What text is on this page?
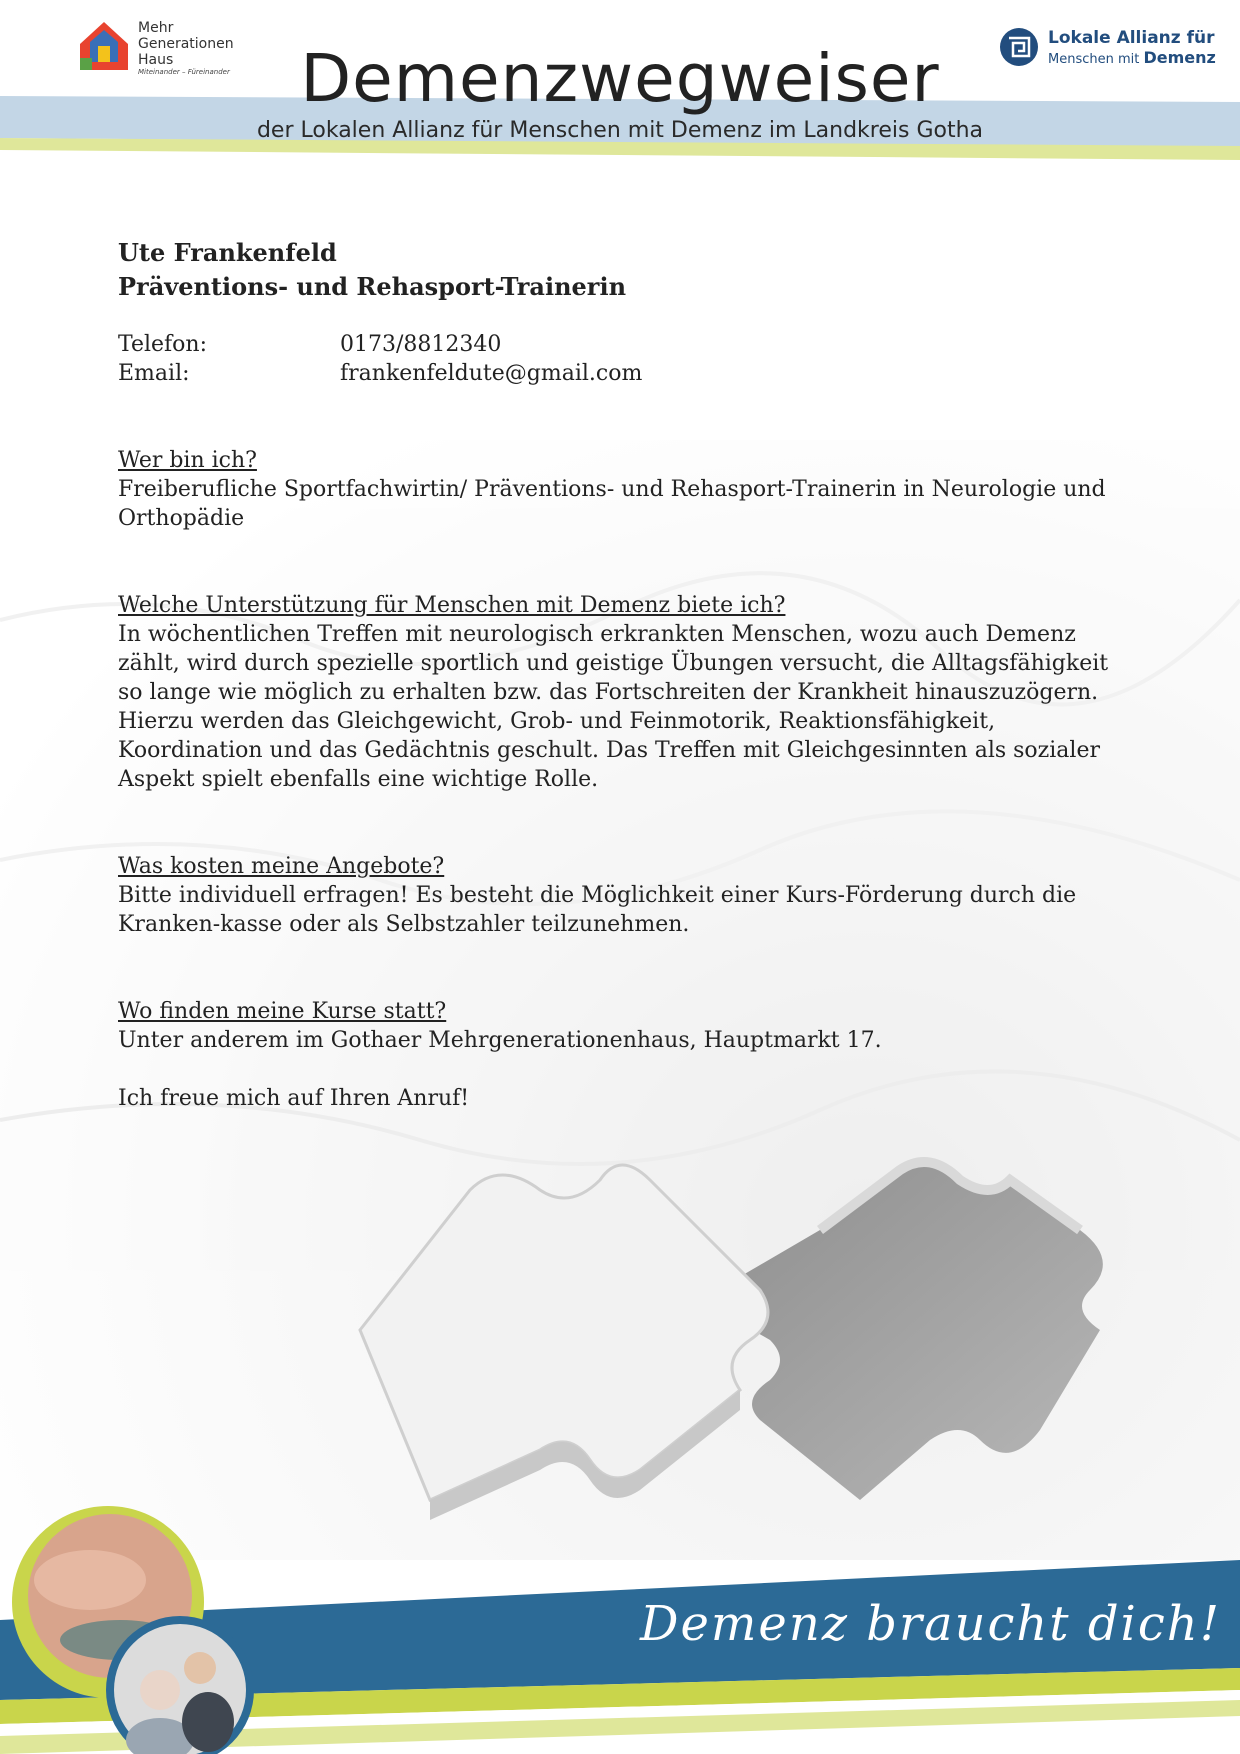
Mehr
Generationen
Haus
Miteinander – Füreinander
Lokale Allianz für
Menschen mit Demenz
Demenzwegweiser
der Lokalen Allianz für Menschen mit Demenz im Landkreis Gotha
Ute Frankenfeld
Präventions- und Rehasport-Trainerin
Telefon:	0173/8812340
Email:	frankenfeldute@gmail.com
Wer bin ich?

Freiberufliche Sportfachwirtin/ Präventions- und Rehasport-Trainerin in Neurologie und Orthopädie

Welche Unterstützung für Menschen mit Demenz biete ich?

In wöchentlichen Treffen mit neurologisch erkrankten Menschen, wozu auch Demenz zählt, wird durch spezielle sportlich und geistige Übungen versucht, die Alltagsfähigkeit so lange wie möglich zu erhalten bzw. das Fortschreiten der Krankheit hinauszuzögern.

Hierzu werden das Gleichgewicht, Grob- und Feinmotorik, Reaktionsfähigkeit, Koordination und das Gedächtnis geschult. Das Treffen mit Gleichgesinnten als sozialer Aspekt spielt ebenfalls eine wichtige Rolle.

Was kosten meine Angebote?

Bitte individuell erfragen! Es besteht die Möglichkeit einer Kurs-Förderung durch die Kranken-kasse oder als Selbstzahler teilzunehmen.

Wo finden meine Kurse statt?

Unter anderem im Gothaer Mehrgenerationenhaus, Hauptmarkt 17.

Ich freue mich auf Ihren Anruf!

Demenz braucht dich!
